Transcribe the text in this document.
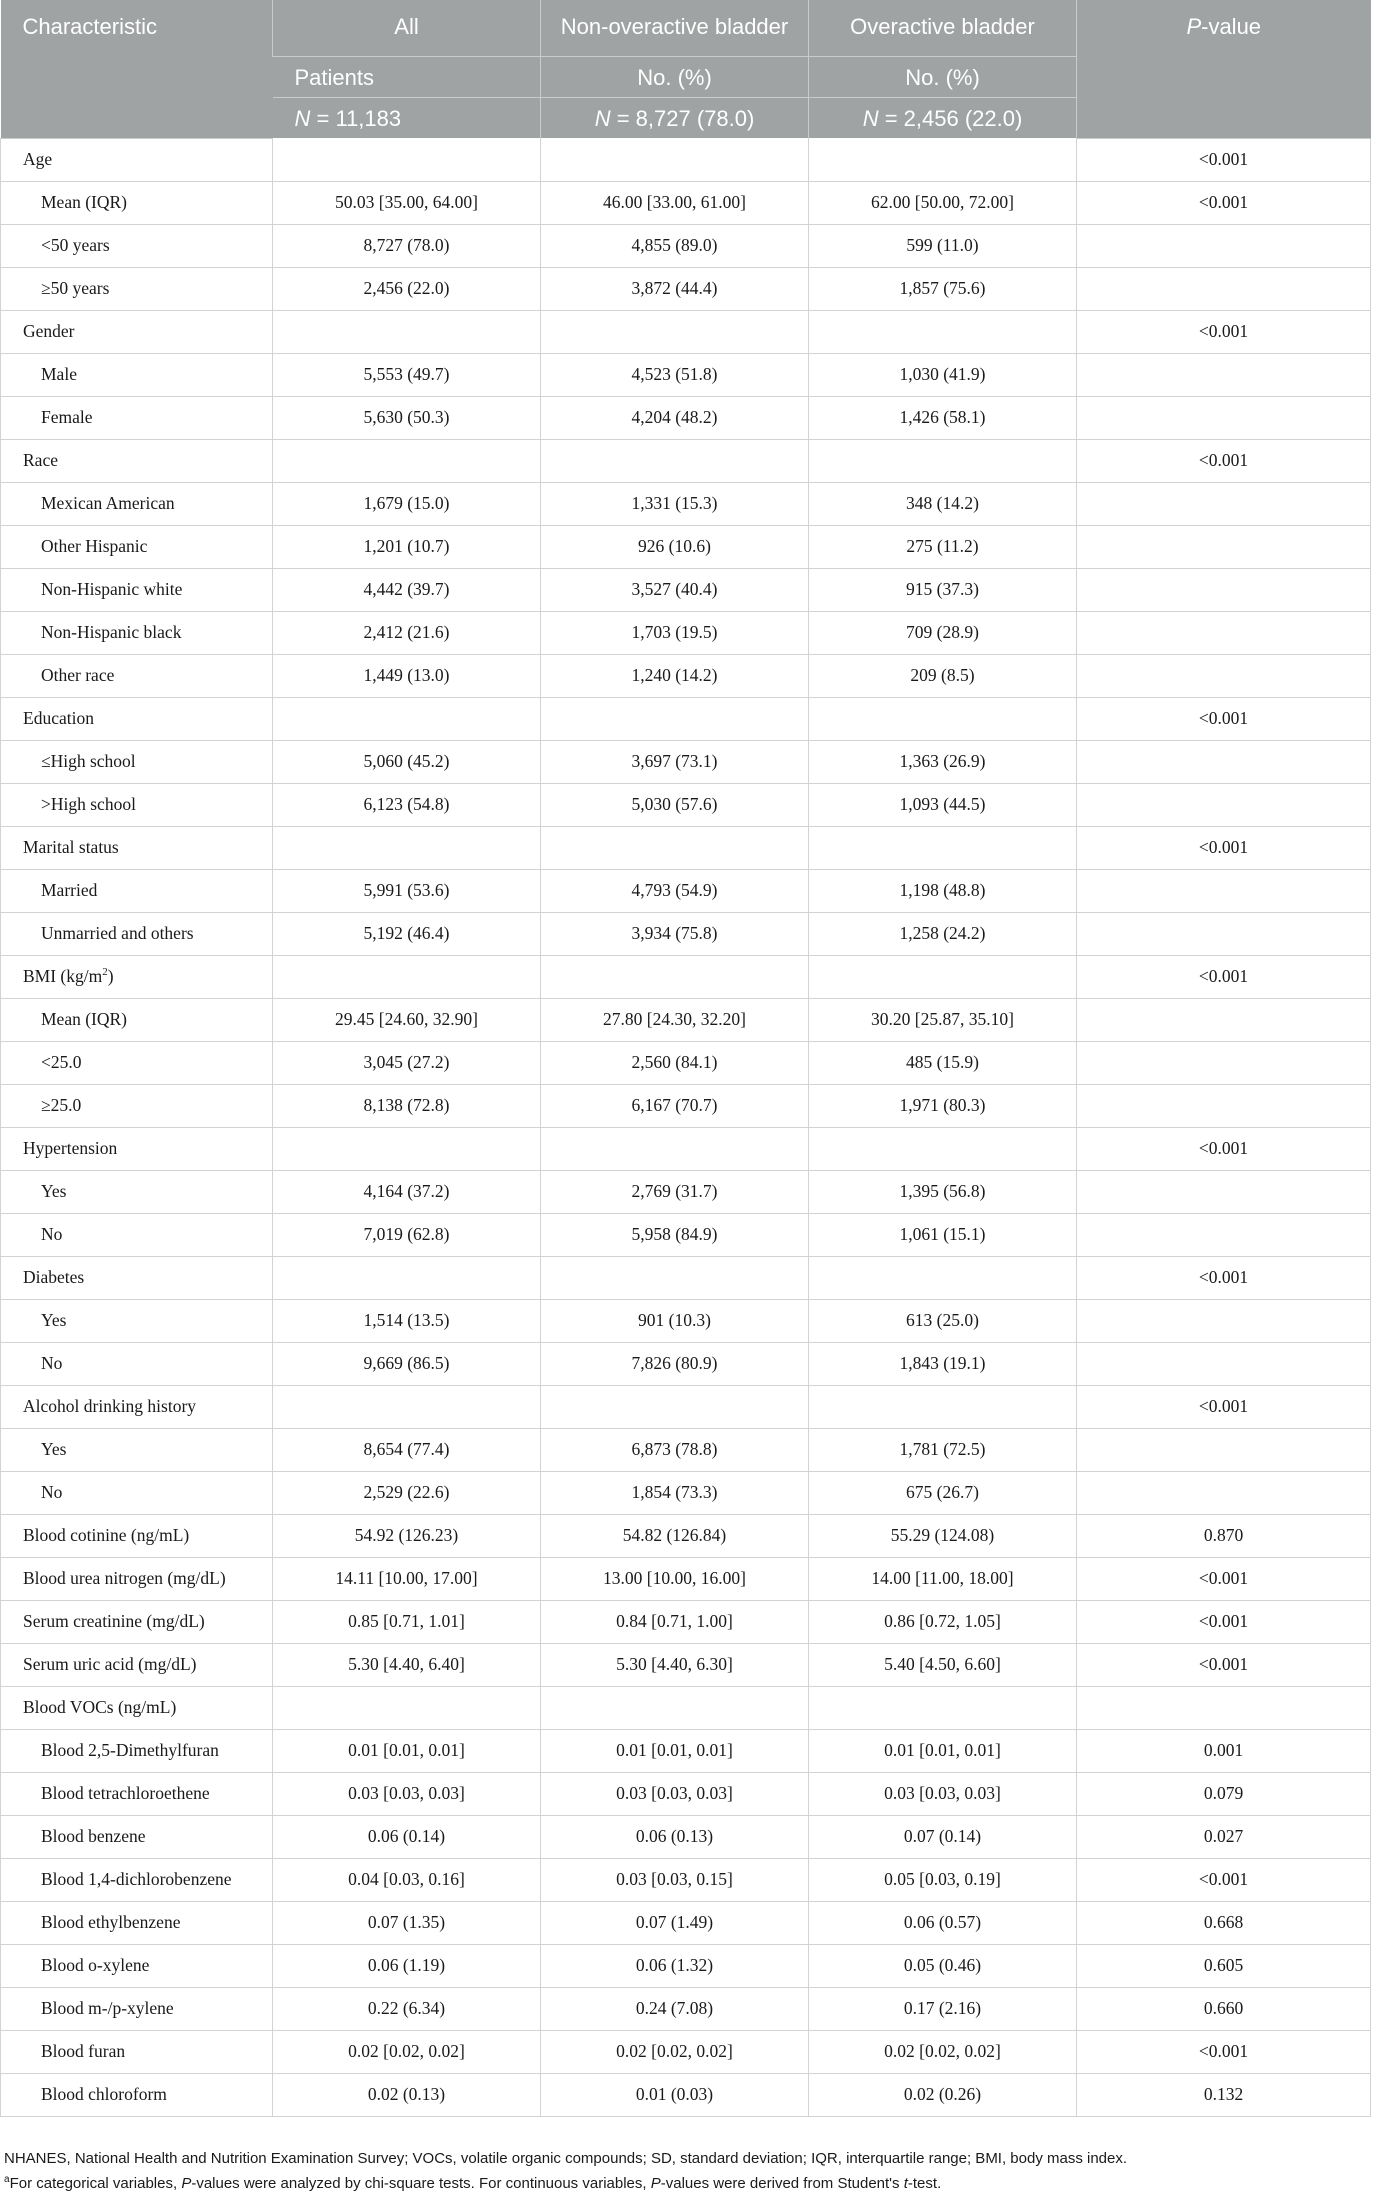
Characteristic	All	Non-overactive bladder	Overactive bladder	P-value
	Patients	No. (%)	No. (%)	
	N = 11,183	N = 8,727 (78.0)	N = 2,456 (22.0)	
Age				<0.001
Mean (IQR)	50.03 [35.00, 64.00]	46.00 [33.00, 61.00]	62.00 [50.00, 72.00]	<0.001
<50 years	8,727 (78.0)	4,855 (89.0)	599 (11.0)	
≥50 years	2,456 (22.0)	3,872 (44.4)	1,857 (75.6)	
Gender				<0.001
Male	5,553 (49.7)	4,523 (51.8)	1,030 (41.9)	
Female	5,630 (50.3)	4,204 (48.2)	1,426 (58.1)	
Race				<0.001
Mexican American	1,679 (15.0)	1,331 (15.3)	348 (14.2)	
Other Hispanic	1,201 (10.7)	926 (10.6)	275 (11.2)	
Non-Hispanic white	4,442 (39.7)	3,527 (40.4)	915 (37.3)	
Non-Hispanic black	2,412 (21.6)	1,703 (19.5)	709 (28.9)	
Other race	1,449 (13.0)	1,240 (14.2)	209 (8.5)	
Education				<0.001
≤High school	5,060 (45.2)	3,697 (73.1)	1,363 (26.9)	
>High school	6,123 (54.8)	5,030 (57.6)	1,093 (44.5)	
Marital status				<0.001
Married	5,991 (53.6)	4,793 (54.9)	1,198 (48.8)	
Unmarried and others	5,192 (46.4)	3,934 (75.8)	1,258 (24.2)	
BMI $(kg/m^2)$				<0.001
Mean (IQR)	29.45 [24.60, 32.90]	27.80 [24.30, 32.20]	30.20 [25.87, 35.10]	
<25.0	3,045 (27.2)	2,560 (84.1)	485 (15.9)	
≥25.0	8,138 (72.8)	6,167 (70.7)	1,971 (80.3)	
Hypertension				<0.001
Yes	4,164 (37.2)	2,769 (31.7)	1,395 (56.8)	
No	7,019 (62.8)	5,958 (84.9)	1,061 (15.1)	
Diabetes				<0.001
Yes	1,514 (13.5)	901 (10.3)	613 (25.0)	
No	9,669 (86.5)	7,826 (80.9)	1,843 (19.1)	
Alcohol drinking history				<0.001
Yes	8,654 (77.4)	6,873 (78.8)	1,781 (72.5)	
No	2,529 (22.6)	1,854 (73.3)	675 (26.7)	
Blood cotinine (ng/mL)	54.92 (126.23)	54.82 (126.84)	55.29 (124.08)	0.870
Blood urea nitrogen (mg/dL)	14.11 [10.00, 17.00]	13.00 [10.00, 16.00]	14.00 [11.00, 18.00]	<0.001
Serum creatinine (mg/dL)	0.85 [0.71, 1.01]	0.84 [0.71, 1.00]	0.86 [0.72, 1.05]	<0.001
Serum uric acid (mg/dL)	5.30 [4.40, 6.40]	5.30 [4.40, 6.30]	5.40 [4.50, 6.60]	<0.001
Blood VOCs (ng/mL)				
Blood 2,5-Dimethylfuran	0.01 [0.01, 0.01]	0.01 [0.01, 0.01]	0.01 [0.01, 0.01]	0.001
Blood tetrachloroethene	0.03 [0.03, 0.03]	0.03 [0.03, 0.03]	0.03 [0.03, 0.03]	0.079
Blood benzene	0.06 (0.14)	0.06 (0.13)	0.07 (0.14)	0.027
Blood 1,4-dichlorobenzene	0.04 [0.03, 0.16]	0.03 [0.03, 0.15]	0.05 [0.03, 0.19]	<0.001
Blood ethylbenzene	0.07 (1.35)	0.07 (1.49)	0.06 (0.57)	0.668
Blood o-xylene	0.06 (1.19)	0.06 (1.32)	0.05 (0.46)	0.605
Blood m-/p-xylene	0.22 (6.34)	0.24 (7.08)	0.17 (2.16)	0.660
Blood furan	0.02 [0.02, 0.02]	0.02 [0.02, 0.02]	0.02 [0.02, 0.02]	<0.001
Blood chloroform	0.02 (0.13)	0.01 (0.03)	0.02 (0.26)	0.132
NHANES, National Health and Nutrition Examination Survey; VOCs, volatile organic compounds; SD, standard deviation; IQR, interquartile range; BMI, body mass index.
$^a$For categorical variables, P-values were analyzed by chi-square tests. For continuous variables, P-values were derived from Student's t-test.
